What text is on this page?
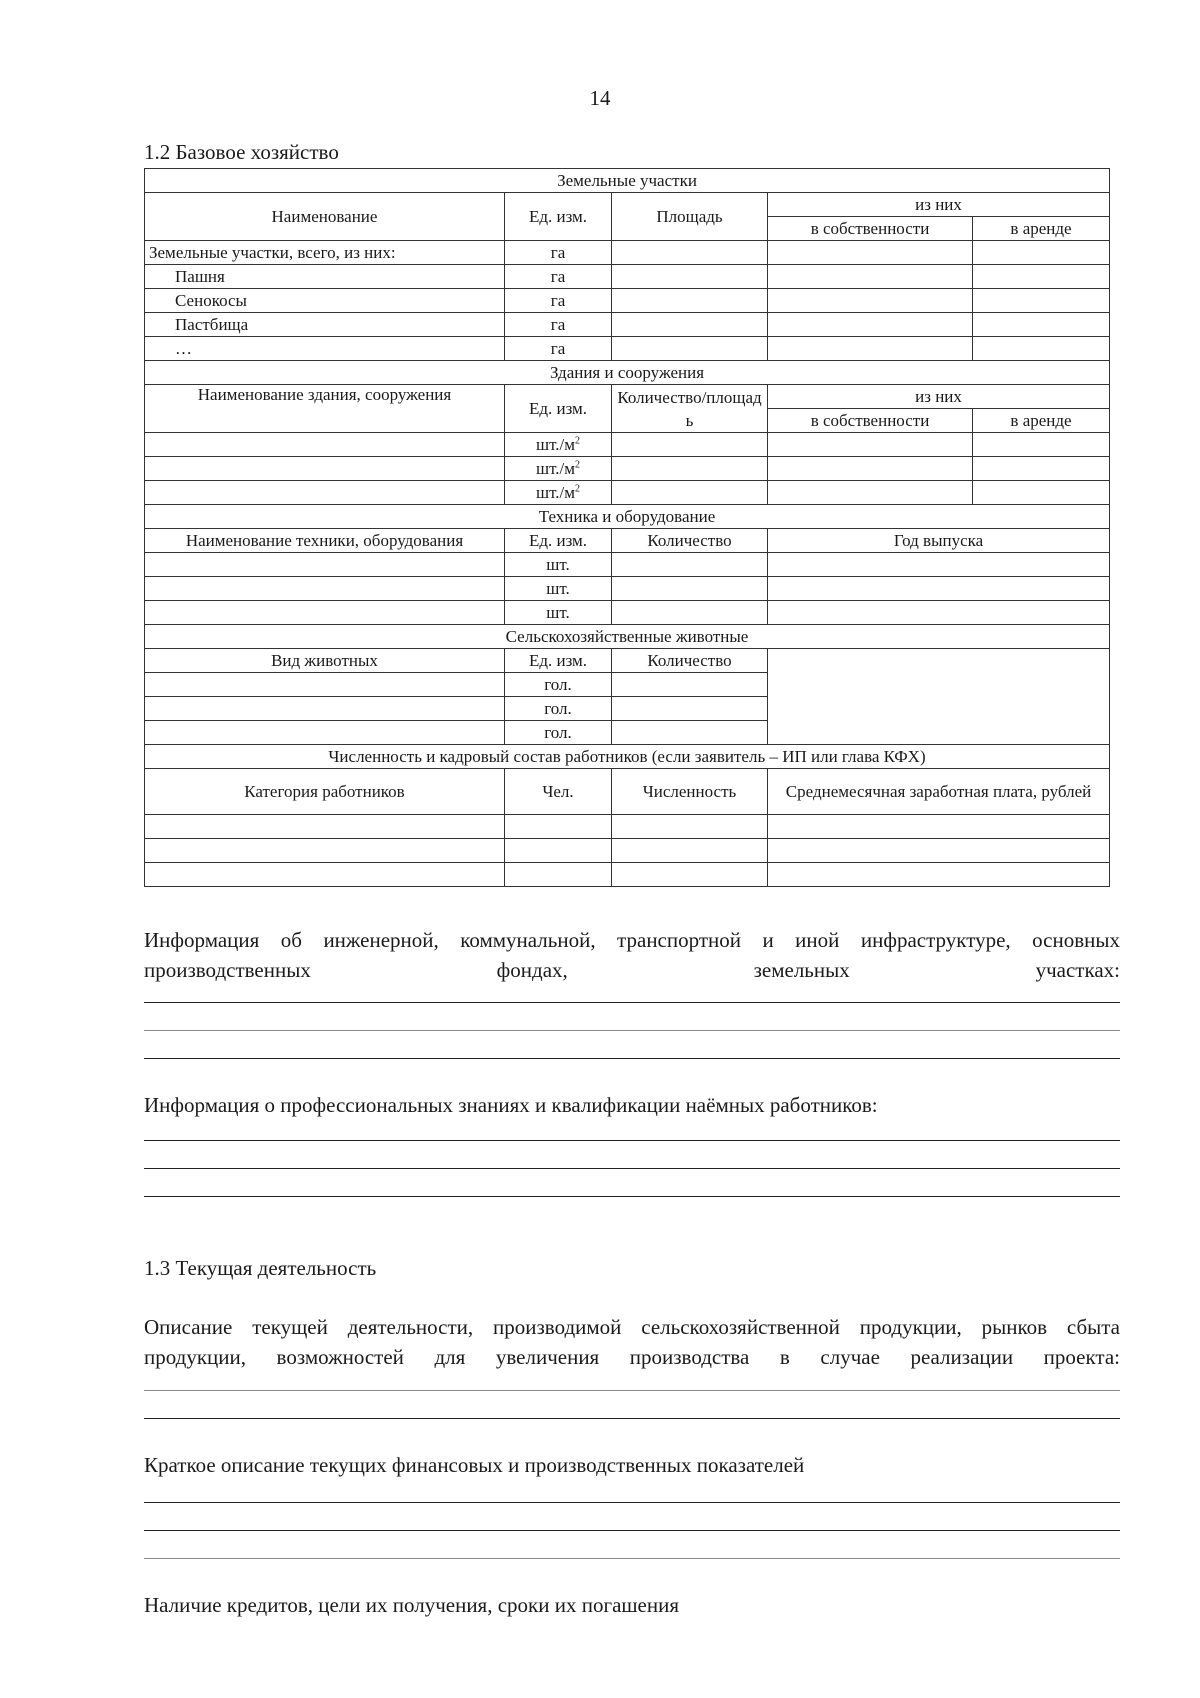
14
1.2 Базовое хозяйство
Земельные участки				
Наименование	Ед. изм.	Площадь	из них	
			в собственности	в аренде
Земельные участки, всего, из них:	га			
Пашня	га			
Сенокосы	га			
Пастбища	га			
…	га			
Здания и сооружения				
Наименование здания, сооружения	Ед. изм.	Количество/площадь	из них	
			в собственности	в аренде
	$шт./м^2$			
	$шт./м^2$			
	$шт./м^2$			
Техника и оборудование				
Наименование техники, оборудования	Ед. изм.	Количество	Год выпуска	
	шт.			
	шт.			
	шт.			
Сельскохозяйственные животные				
Вид животных	Ед. изм.	Количество		
	гол.			
	гол.			
	гол.			
Численность и кадровый состав работников (если заявитель – ИП или глава КФХ)				
Категория работников	Чел.	Численность	Среднемесячная заработная плата, рублей	

Информация об инженерной, коммунальной, транспортной и иной инфраструктуре, основных производственных фондах, земельных участках:
Информация о профессиональных знаниях и квалификации наёмных работников:
1.3 Текущая деятельность
Описание текущей деятельности, производимой сельскохозяйственной продукции, рынков сбыта продукции, возможностей для увеличения производства в случае реализации проекта:
Краткое описание текущих финансовых и производственных показателей
Наличие кредитов, цели их получения, сроки их погашения
